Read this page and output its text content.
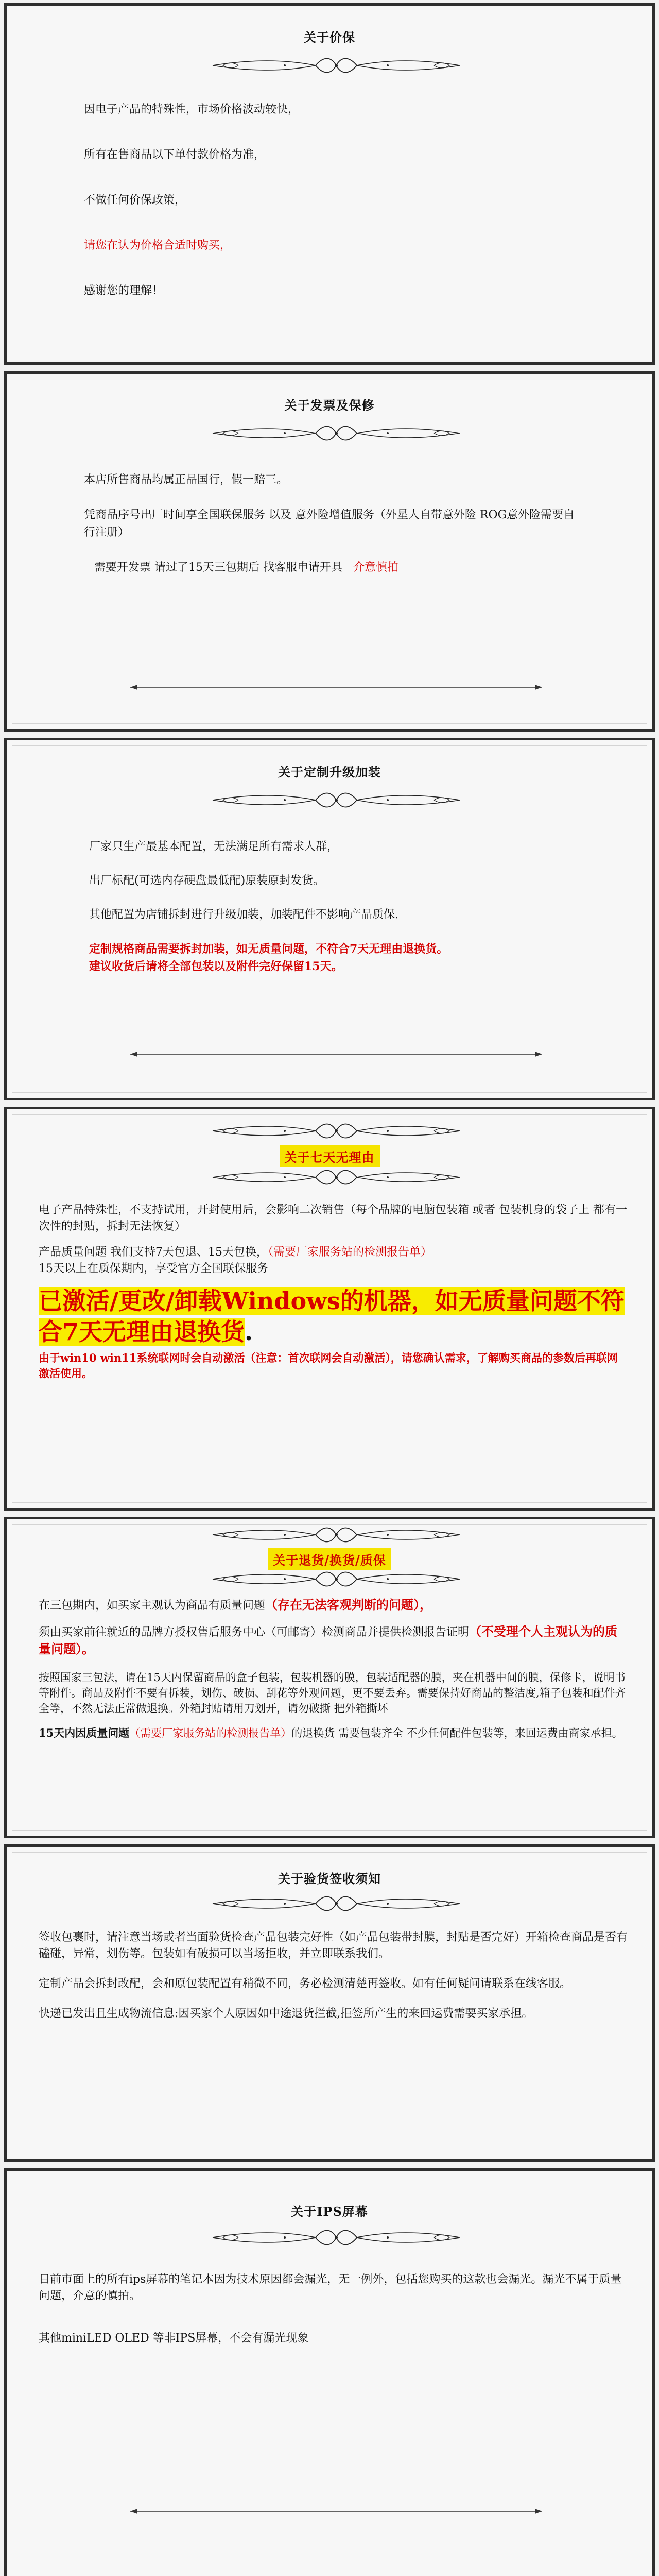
关于价保

因电子产品的特殊性，市场价格波动较快，

所有在售商品以下单付款价格为准，

不做任何价保政策，

请您在认为价格合适时购买，

感谢您的理解！

关于发票及保修

本店所售商品均属正品国行，假一赔三。

凭商品序号出厂时间享全国联保服务 以及 意外险增值服务（外星人自带意外险 ROG意外险需要自行注册）

需要开发票 请过了15天三包期后 找客服申请开具 介意慎拍

关于定制升级加装

厂家只生产最基本配置，无法满足所有需求人群，

出厂标配(可选内存硬盘最低配)原装原封发货。

其他配置为店铺拆封进行升级加装，加装配件不影响产品质保.

定制规格商品需要拆封加装，如无质量问题，不符合7天无理由退换货。

建议收货后请将全部包装以及附件完好保留15天。

关于七天无理由

电子产品特殊性，不支持试用，开封使用后，会影响二次销售（每个品牌的电脑包装箱 或者 包装机身的袋子上 都有一次性的封贴，拆封无法恢复）

产品质量问题 我们支持7天包退、15天包换，（需要厂家服务站的检测报告单）

15天以上在质保期内，享受官方全国联保服务

已激活/更改/卸载Windows的机器，如无质量问题不符合7天无理由退换货.

由于win10 win11系统联网时会自动激活（注意：首次联网会自动激活），请您确认需求，了解购买商品的参数后再联网激活使用。

关于退货/换货/质保

在三包期内，如买家主观认为商品有质量问题（存在无法客观判断的问题），

须由买家前往就近的品牌方授权售后服务中心（可邮寄）检测商品并提供检测报告证明（不受理个人主观认为的质量问题）。

按照国家三包法，请在15天内保留商品的盒子包装，包装机器的膜，包装适配器的膜，夹在机器中间的膜，保修卡，说明书等附件。商品及附件不要有拆装，划伤、破损、刮花等外观问题，更不要丢弃。需要保持好商品的整洁度,箱子包装和配件齐全等，不然无法正常做退换。外箱封贴请用刀划开，请勿破撕 把外箱撕坏

15天内因质量问题（需要厂家服务站的检测报告单）的退换货 需要包装齐全 不少任何配件包装等，来回运费由商家承担。

关于验货签收须知

签收包裹时，请注意当场或者当面验货检查产品包装完好性（如产品包装带封膜，封贴是否完好）开箱检查商品是否有磕碰，异常，划伤等。包装如有破损可以当场拒收，并立即联系我们。

定制产品会拆封改配，会和原包装配置有稍微不同，务必检测清楚再签收。如有任何疑问请联系在线客服。

快递已发出且生成物流信息:因买家个人原因如中途退货拦截,拒签所产生的来回运费需要买家承担。

关于IPS屏幕

目前市面上的所有ips屏幕的笔记本因为技术原因都会漏光，无一例外，包括您购买的这款也会漏光。漏光不属于质量问题，介意的慎拍。

其他miniLED OLED 等非IPS屏幕，不会有漏光现象
